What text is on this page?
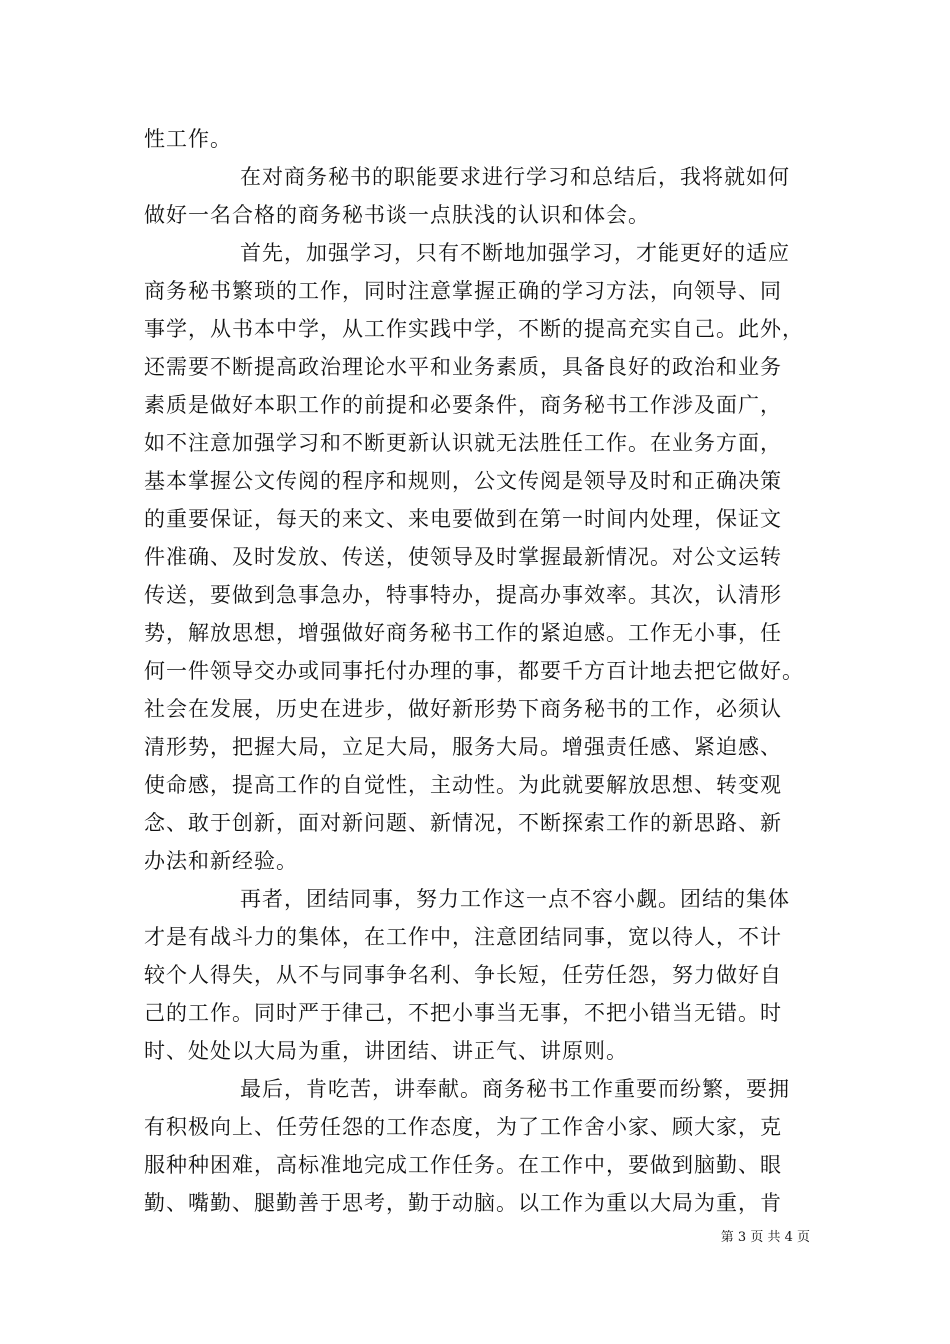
性工作。
在对商务秘书的职能要求进行学习和总结后，我将就如何
做好一名合格的商务秘书谈一点肤浅的认识和体会。
首先，加强学习，只有不断地加强学习，才能更好的适应
商务秘书繁琐的工作，同时注意掌握正确的学习方法，向领导、同
事学，从书本中学，从工作实践中学，不断的提高充实自己。此外，
还需要不断提高政治理论水平和业务素质，具备良好的政治和业务
素质是做好本职工作的前提和必要条件，商务秘书工作涉及面广，
如不注意加强学习和不断更新认识就无法胜任工作。在业务方面，
基本掌握公文传阅的程序和规则，公文传阅是领导及时和正确决策
的重要保证，每天的来文、来电要做到在第一时间内处理，保证文
件准确、及时发放、传送，使领导及时掌握最新情况。对公文运转
传送，要做到急事急办，特事特办，提高办事效率。其次，认清形
势，解放思想，增强做好商务秘书工作的紧迫感。工作无小事，任
何一件领导交办或同事托付办理的事，都要千方百计地去把它做好。
社会在发展，历史在进步，做好新形势下商务秘书的工作，必须认
清形势，把握大局，立足大局，服务大局。增强责任感、紧迫感、
使命感，提高工作的自觉性，主动性。为此就要解放思想、转变观
念、敢于创新，面对新问题、新情况，不断探索工作的新思路、新
办法和新经验。
再者，团结同事，努力工作这一点不容小觑。团结的集体
才是有战斗力的集体，在工作中，注意团结同事，宽以待人，不计
较个人得失，从不与同事争名利、争长短，任劳任怨，努力做好自
己的工作。同时严于律己，不把小事当无事，不把小错当无错。时
时、处处以大局为重，讲团结、讲正气、讲原则。
最后，肯吃苦，讲奉献。商务秘书工作重要而纷繁，要拥
有积极向上、任劳任怨的工作态度，为了工作舍小家、顾大家，克
服种种困难，高标准地完成工作任务。在工作中，要做到脑勤、眼
勤、嘴勤、腿勤善于思考，勤于动脑。以工作为重以大局为重，肯
第 3 页 共 4 页
